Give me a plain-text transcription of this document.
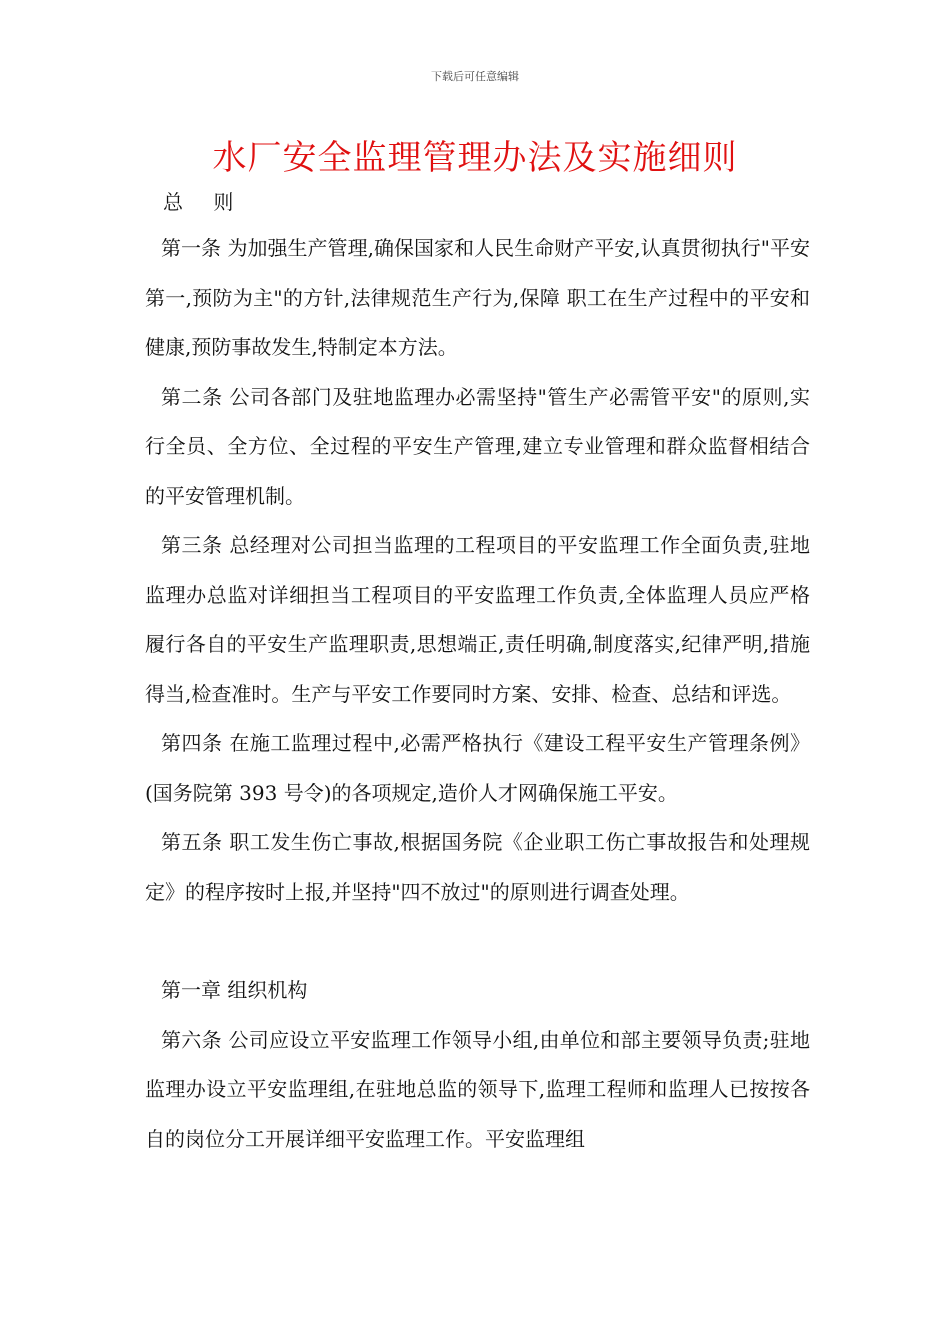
下载后可任意编辑
水厂安全监理管理办法及实施细则
总 则

第一条 为加强生产管理,确保国家和人民生命财产平安,认真贯彻执行"平安第一,预防为主"的方针,法律规范生产行为,保障 职工在生产过程中的平安和健康,预防事故发生,特制定本方法。

第二条 公司各部门及驻地监理办必需坚持"管生产必需管平安"的原则,实行全员、全方位、全过程的平安生产管理,建立专业管理和群众监督相结合的平安管理机制。

第三条 总经理对公司担当监理的工程项目的平安监理工作全面负责,驻地监理办总监对详细担当工程项目的平安监理工作负责,全体监理人员应严格履行各自的平安生产监理职责,思想端正,责任明确,制度落实,纪律严明,措施得当,检查准时。生产与平安工作要同时方案、安排、检查、总结和评选。

第四条 在施工监理过程中,必需严格执行《建设工程平安生产管理条例》(国务院第 393 号令)的各项规定,造价人才网确保施工平安。

第五条 职工发生伤亡事故,根据国务院《企业职工伤亡事故报告和处理规定》的程序按时上报,并坚持"四不放过"的原则进行调查处理。

第一章 组织机构

第六条 公司应设立平安监理工作领导小组,由单位和部主要领导负责;驻地监理办设立平安监理组,在驻地总监的领导下,监理工程师和监理人已按按各自的岗位分工开展详细平安监理工作。平安监理组
